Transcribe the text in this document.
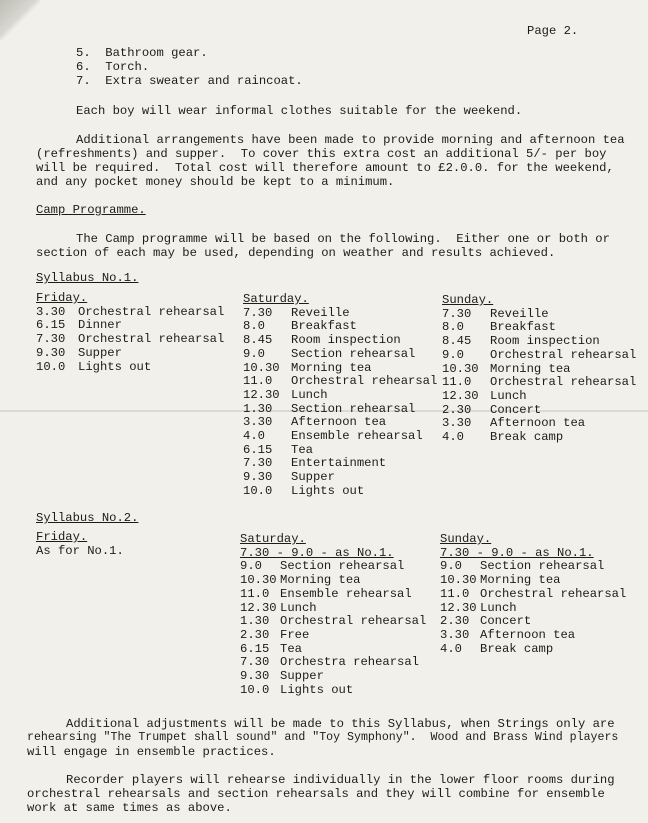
Page 2.
5. Bathroom gear.
6. Torch.
7. Extra sweater and raincoat.
Each boy will wear informal clothes suitable for the weekend.
Additional arrangements have been made to provide morning and afternoon tea
(refreshments) and supper.  To cover this extra cost an additional 5/- per boy
will be required.  Total cost will therefore amount to £2.0.0. for the weekend,
and any pocket money should be kept to a minimum.
Camp Programme.
The Camp programme will be based on the following.  Either one or both or
section of each may be used, depending on weather and results achieved.
Syllabus No.1.
Friday.
3.30	Orchestral rehearsal
6.15	Dinner
7.30	Orchestral rehearsal
9.30	Supper
10.0	Lights out
Saturday.
7.30	Reveille
8.0	Breakfast
8.45	Room inspection
9.0	Section rehearsal
10.30 Morning tea
11.0	Orchestral rehearsal
12.30 Lunch
1.30	Section rehearsal
3.30	Afternoon tea
4.0	Ensemble rehearsal
6.15	Tea
7.30	Entertainment
9.30	Supper
10.0	Lights out
Sunday.
7.30	Reveille
8.0	Breakfast
8.45	Room inspection
9.0	Orchestral rehearsal
10.30 Morning tea
11.0	Orchestral rehearsal
12.30 Lunch
2.30	Concert
3.30	Afternoon tea
4.0	Break camp
Syllabus No.2.
Friday.
As for No.1.
Saturday.
7.30 - 9.0 - as No.1.
9.0	Section rehearsal
10.30 Morning tea
11.0 Ensemble rehearsal
12.30 Lunch
1.30 Orchestral rehearsal
2.30 Free
6.15 Tea
7.30 Orchestra rehearsal
9.30 Supper
10.0 Lights out
Sunday.
7.30 - 9.0 - as No.1.
9.0	Section rehearsal
10.30 Morning tea
11.0 Orchestral rehearsal
12.30 Lunch
2.30 Concert
3.30 Afternoon tea
4.0	Break camp
Additional adjustments will be made to this Syllabus, when Strings only are
rehearsing "The Trumpet shall sound" and "Toy Symphony".  Wood and Brass Wind players
will engage in ensemble practices.
Recorder players will rehearse individually in the lower floor rooms during
orchestral rehearsals and section rehearsals and they will combine for ensemble
work at same times as above.
